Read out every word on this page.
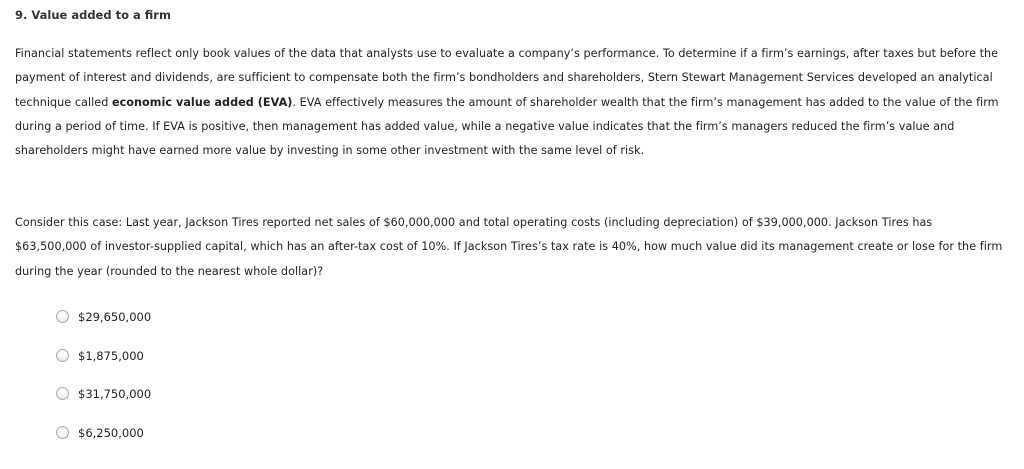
9. Value added to a firm

Financial statements reflect only book values of the data that analysts use to evaluate a company’s performance. To determine if a firm’s earnings, after taxes but before the payment of interest and dividends, are sufficient to compensate both the firm’s bondholders and shareholders, Stern Stewart Management Services developed an analytical technique called economic value added (EVA). EVA effectively measures the amount of shareholder wealth that the firm’s management has added to the value of the firm during a period of time. If EVA is positive, then management has added value, while a negative value indicates that the firm’s managers reduced the firm’s value and shareholders might have earned more value by investing in some other investment with the same level of risk.

Consider this case: Last year, Jackson Tires reported net sales of $60,000,000 and total operating costs (including depreciation) of $39,000,000. Jackson Tires has $63,500,000 of investor-supplied capital, which has an after-tax cost of 10%. If Jackson Tires’s tax rate is 40%, how much value did its management create or lose for the firm during the year (rounded to the nearest whole dollar)?

$29,650,000
$1,875,000
$31,750,000
$6,250,000
